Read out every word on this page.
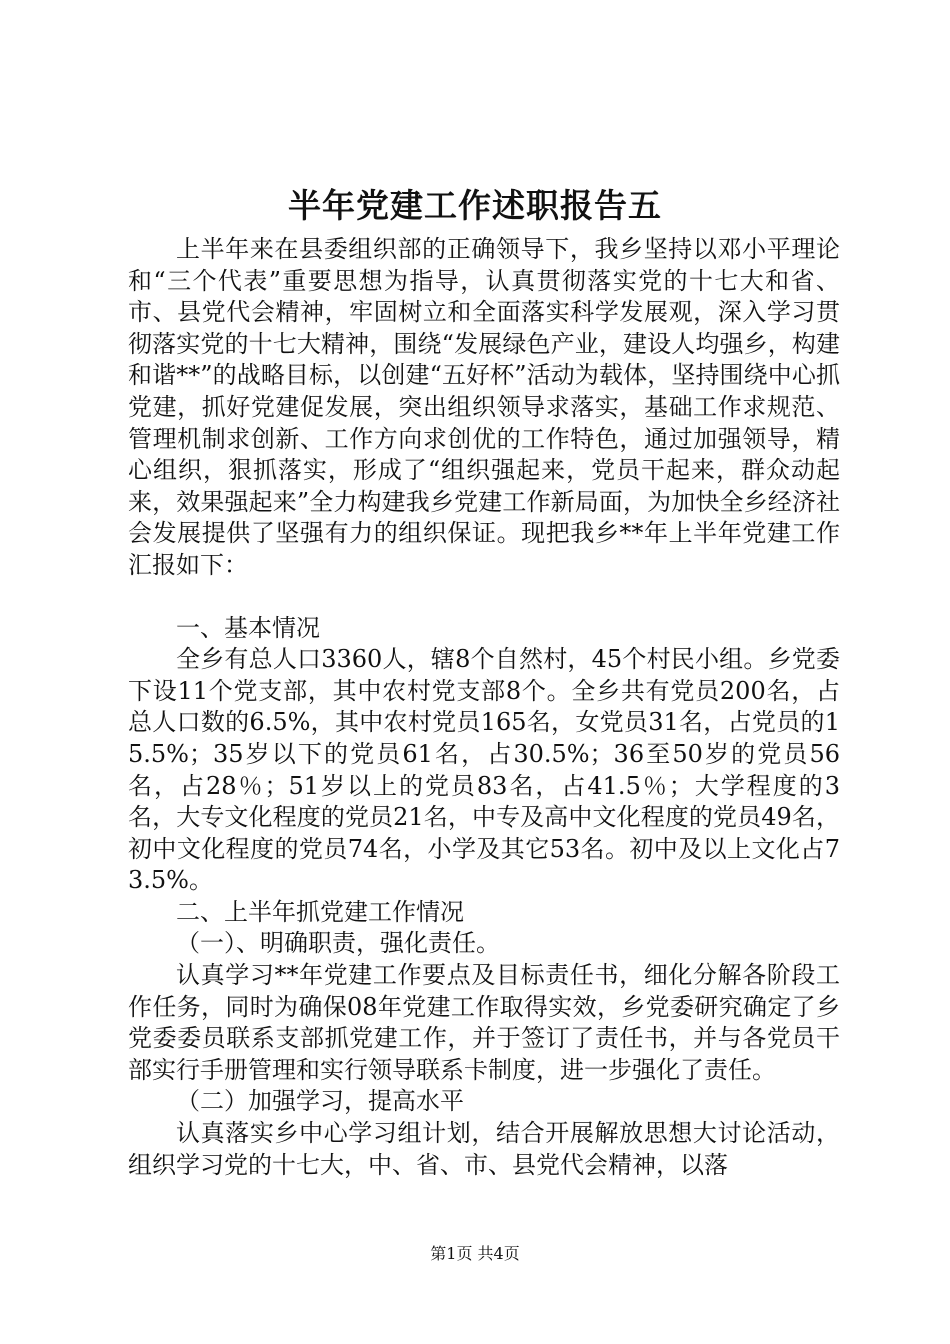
半年党建工作述职报告五

上半年来在县委组织部的正确领导下，我乡坚持以邓小平理论和“三个代表”重要思想为指导，认真贯彻落实党的十七大和省、市、县党代会精神，牢固树立和全面落实科学发展观，深入学习贯彻落实党的十七大精神，围绕“发展绿色产业，建设人均强乡，构建和谐**”的战略目标，以创建“五好杯”活动为载体，坚持围绕中心抓党建，抓好党建促发展，突出组织领导求落实，基础工作求规范、管理机制求创新、工作方向求创优的工作特色，通过加强领导，精心组织，狠抓落实，形成了“组织强起来，党员干起来，群众动起来，效果强起来”全力构建我乡党建工作新局面，为加快全乡经济社会发展提供了坚强有力的组织保证。现把我乡**年上半年党建工作汇报如下：

一、基本情况

全乡有总人口3360人，辖8个自然村，45个村民小组。乡党委下设11个党支部，其中农村党支部8个。全乡共有党员200名，占总人口数的6.5%，其中农村党员165名，女党员31名，占党员的15.5%；35岁以下的党员61名，占30.5%；36至50岁的党员56名，占28％；51岁以上的党员83名，占41.5％；大学程度的3名，大专文化程度的党员21名，中专及高中文化程度的党员49名，初中文化程度的党员74名，小学及其它53名。初中及以上文化占73.5%。

二、上半年抓党建工作情况

（一）、明确职责，强化责任。

认真学习**年党建工作要点及目标责任书，细化分解各阶段工作任务，同时为确保08年党建工作取得实效，乡党委研究确定了乡党委委员联系支部抓党建工作，并于签订了责任书，并与各党员干部实行手册管理和实行领导联系卡制度，进一步强化了责任。

（二）加强学习，提高水平

认真落实乡中心学习组计划，结合开展解放思想大讨论活动，组织学习党的十七大，中、省、市、县党代会精神，以落

第1页 共4页
